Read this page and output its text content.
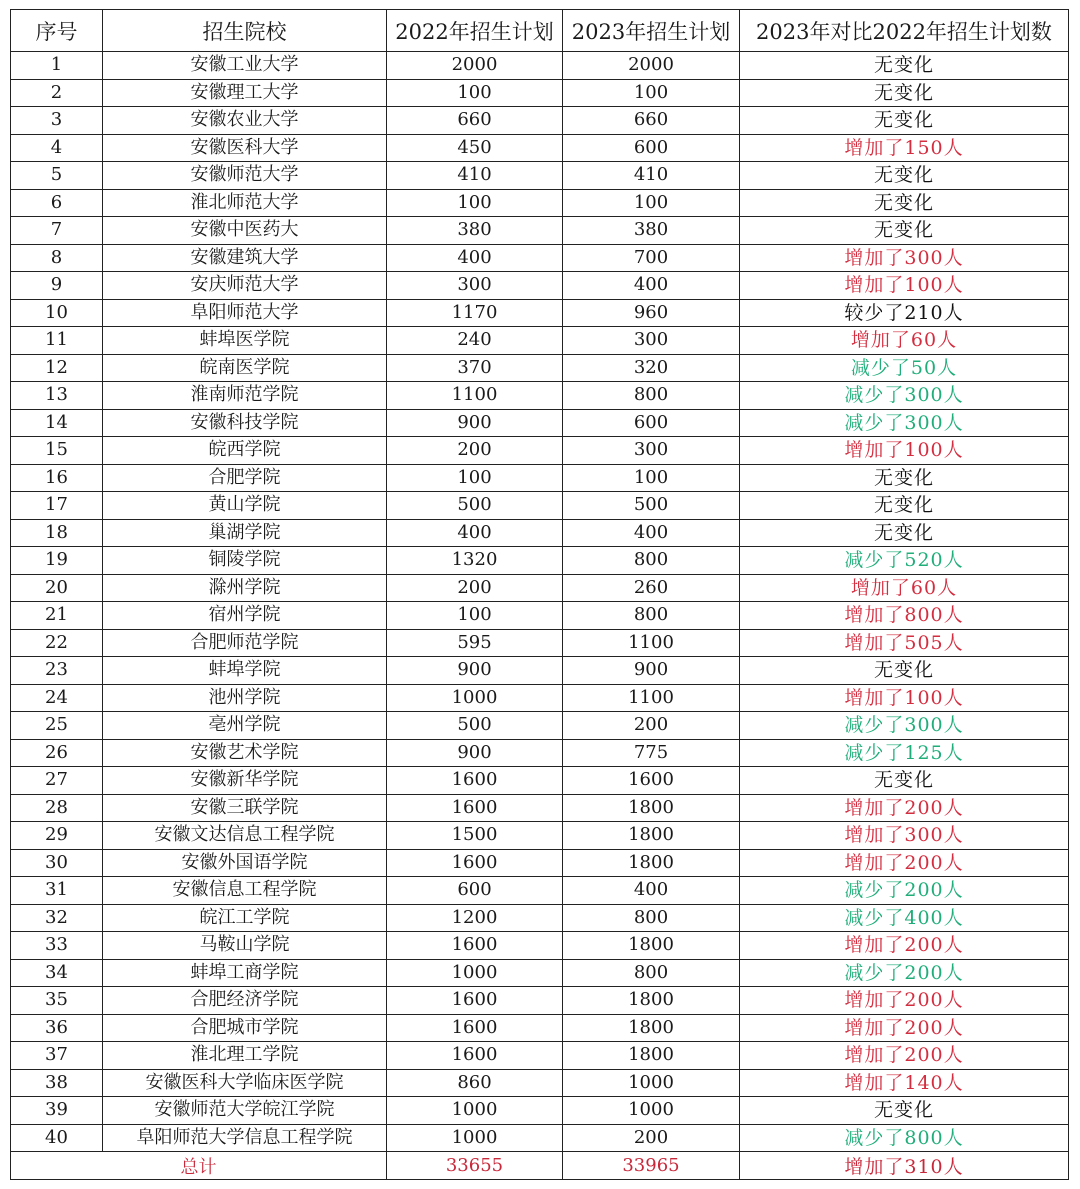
序号	招生院校	2022年招生计划	2023年招生计划	2023年对比2022年招生计划数
1	安徽工业大学	2000	2000	无变化
2	安徽理工大学	100	100	无变化
3	安徽农业大学	660	660	无变化
4	安徽医科大学	450	600	增加了150人
5	安徽师范大学	410	410	无变化
6	淮北师范大学	100	100	无变化
7	安徽中医药大	380	380	无变化
8	安徽建筑大学	400	700	增加了300人
9	安庆师范大学	300	400	增加了100人
10	阜阳师范大学	1170	960	较少了210人
11	蚌埠医学院	240	300	增加了60人
12	皖南医学院	370	320	减少了50人
13	淮南师范学院	1100	800	减少了300人
14	安徽科技学院	900	600	减少了300人
15	皖西学院	200	300	增加了100人
16	合肥学院	100	100	无变化
17	黄山学院	500	500	无变化
18	巢湖学院	400	400	无变化
19	铜陵学院	1320	800	减少了520人
20	滁州学院	200	260	增加了60人
21	宿州学院	100	800	增加了800人
22	合肥师范学院	595	1100	增加了505人
23	蚌埠学院	900	900	无变化
24	池州学院	1000	1100	增加了100人
25	亳州学院	500	200	减少了300人
26	安徽艺术学院	900	775	减少了125人
27	安徽新华学院	1600	1600	无变化
28	安徽三联学院	1600	1800	增加了200人
29	安徽文达信息工程学院	1500	1800	增加了300人
30	安徽外国语学院	1600	1800	增加了200人
31	安徽信息工程学院	600	400	减少了200人
32	皖江工学院	1200	800	减少了400人
33	马鞍山学院	1600	1800	增加了200人
34	蚌埠工商学院	1000	800	减少了200人
35	合肥经济学院	1600	1800	增加了200人
36	合肥城市学院	1600	1800	增加了200人
37	淮北理工学院	1600	1800	增加了200人
38	安徽医科大学临床医学院	860	1000	增加了140人
39	安徽师范大学皖江学院	1000	1000	无变化
40	阜阳师范大学信息工程学院	1000	200	减少了800人
总计		33655	33965	增加了310人
